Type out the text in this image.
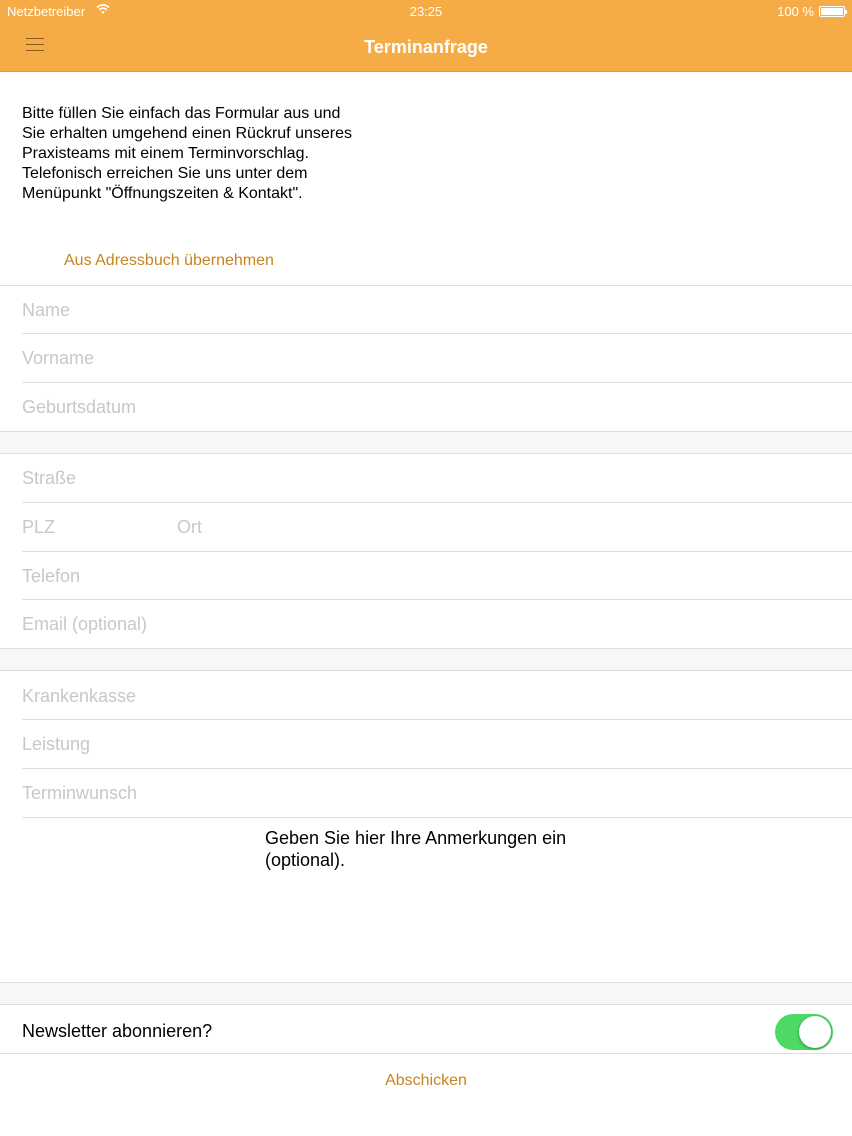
Netzbetreiber	23:25	100 %
Terminanfrage

Bitte füllen Sie einfach das Formular aus und Sie erhalten umgehend einen Rückruf unseres Praxisteams mit einem Terminvorschlag. Telefonisch erreichen Sie uns unter dem Menüpunkt "Öffnungszeiten & Kontakt".

Aus Adressbuch übernehmen
Name
Vorname
Geburtsdatum
Straße
PLZ
Ort
Telefon
Email (optional)
Krankenkasse
Leistung
Terminwunsch
Geben Sie hier Ihre Anmerkungen ein (optional).
Newsletter abonnieren?
Abschicken
